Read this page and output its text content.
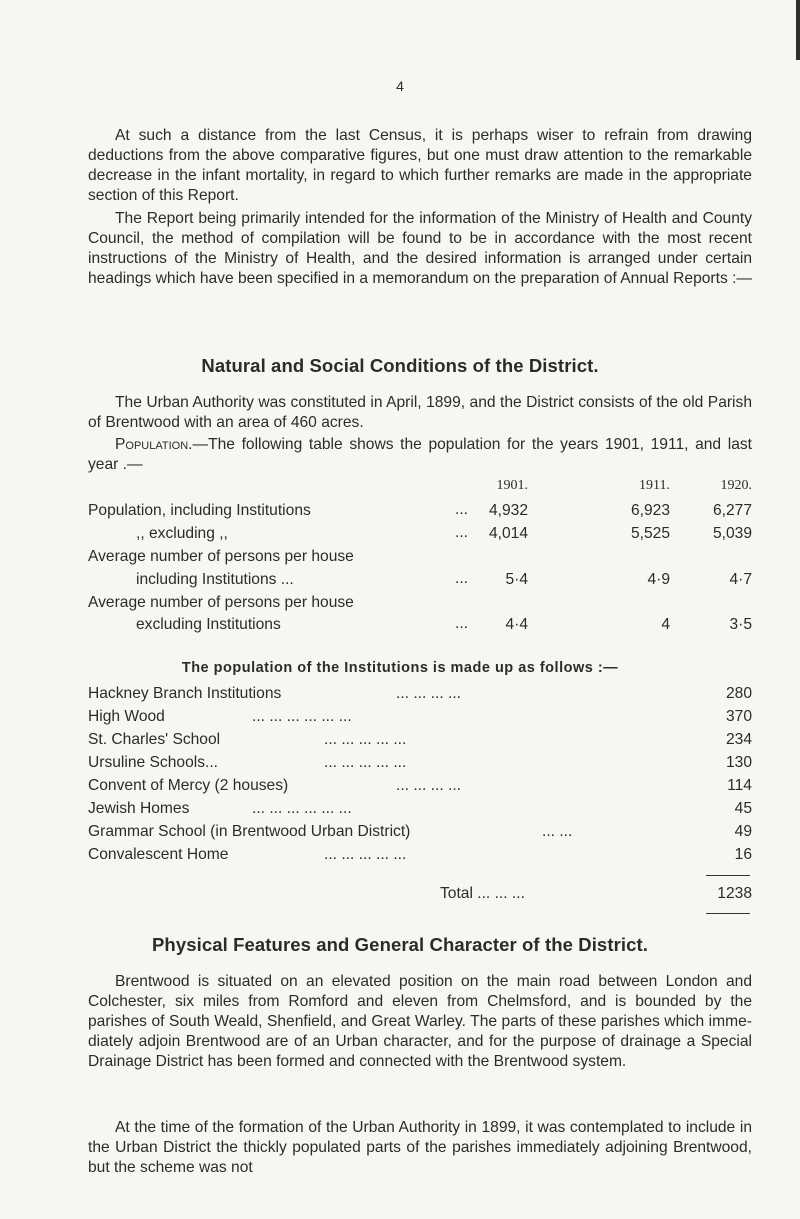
4

At such a distance from the last Census, it is perhaps wiser to refrain from drawing deductions from the above comparative figures, but one must draw attention to the remarkable decrease in the infant mortality, in regard to which further remarks are made in the appropriate section of this Report.

The Report being primarily intended for the information of the Ministry of Health and County Council, the method of compilation will be found to be in accordance with the most recent instructions of the Ministry of Health, and the desired information is arranged under certain headings which have been specified in a memorandum on the preparation of Annual Reports :—

Natural and Social Conditions of the District.

The Urban Authority was constituted in April, 1899, and the District consists of the old Parish of Brentwood with an area of 460 acres.

Population.—The following table shows the population for the years 1901, 1911, and last year .—

1901.	1911.	1920.
Population, including Institutions	...	4,932	6,923	6,277
,, excluding ,,	...	4,014	5,525	5,039
Average number of persons per house
including Institutions ...	...	5·4	4·9	4·7
Average number of persons per house
excluding Institutions	...	4·4	4	3·5
The population of the Institutions is made up as follows :—
Hackney Branch Institutions	... ... ... ...	280
High Wood	... ... ... ... ... ...	370
St. Charles' School	... ... ... ... ...	234
Ursuline Schools...	... ... ... ... ...	130
Convent of Mercy (2 houses)	... ... ... ...	114
Jewish Homes	... ... ... ... ... ...	45
Grammar School (in Brentwood Urban District)	... ...	49
Convalescent Home	... ... ... ... ...	16
Total ... ... ...	1238
Physical Features and General Character of the District.

Brentwood is situated on an elevated position on the main road between London and Colchester, six miles from Romford and eleven from Chelmsford, and is bounded by the parishes of South Weald, Shenfield, and Great Warley. The parts of these parishes which imme- diately adjoin Brentwood are of an Urban character, and for the purpose of drainage a Special Drainage District has been formed and connected with the Brentwood system.

At the time of the formation of the Urban Authority in 1899, it was contemplated to include in the Urban District the thickly populated parts of the parishes immediately adjoining Brentwood, but the scheme was not
